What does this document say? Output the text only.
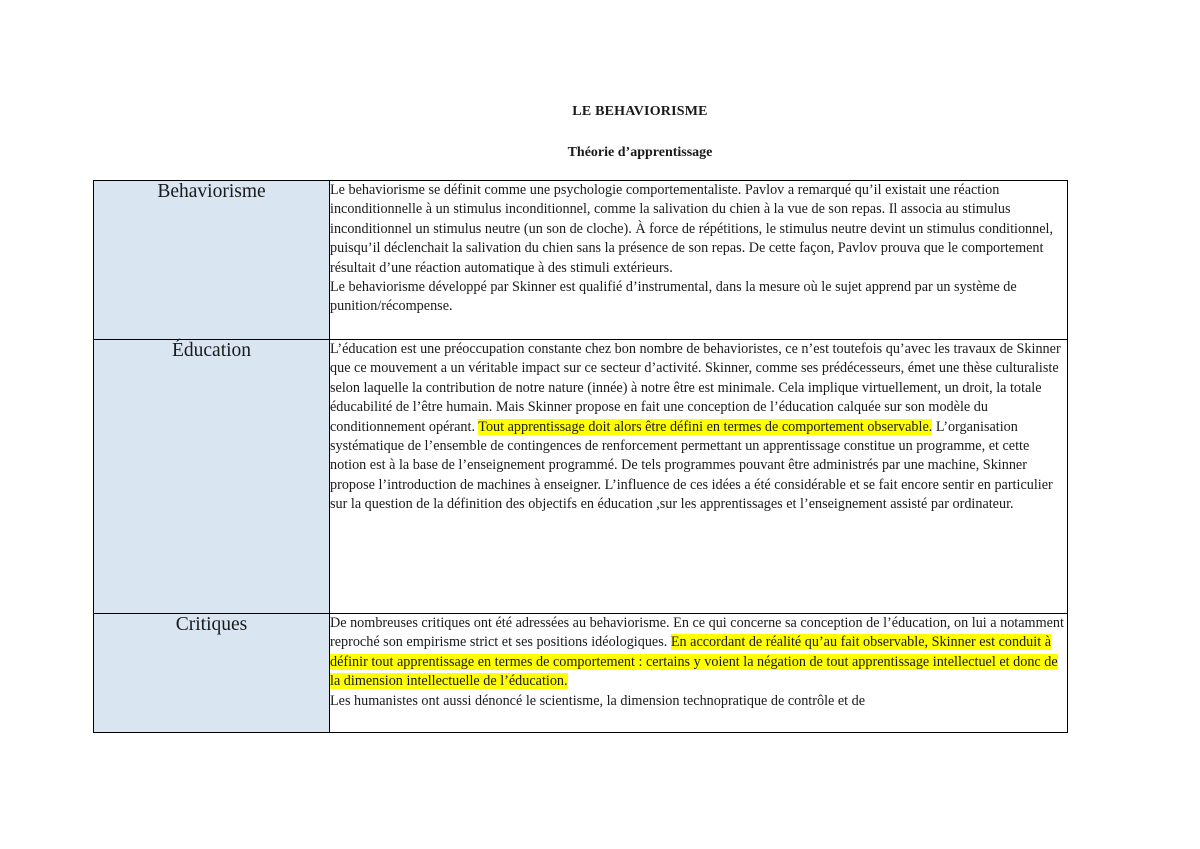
LE BEHAVIORISME
Théorie d’apprentissage
Behaviorisme	Le behaviorisme se définit comme une psychologie comportementaliste. Pavlov a remarqué qu’il existait une réaction inconditionnelle à un stimulus inconditionnel, comme la salivation du chien à la vue de son repas. Il associa au stimulus inconditionnel un stimulus neutre (un son de cloche). À force de répétitions, le stimulus neutre devint un stimulus conditionnel, puisqu’il déclenchait la salivation du chien sans la présence de son repas. De cette façon, Pavlov prouva que le comportement résultait d’une réaction automatique à des stimuli extérieurs.
Le behaviorisme développé par Skinner est qualifié d’instrumental, dans la mesure où le sujet apprend par un système de punition/récompense.

Éducation	L’éducation est une préoccupation constante chez bon nombre de behavioristes, ce n’est toutefois qu’avec les travaux de Skinner que ce mouvement a un véritable impact sur ce secteur d’activité. Skinner, comme ses prédécesseurs, émet une thèse culturaliste selon laquelle la contribution de notre nature (innée) à notre être est minimale. Cela implique virtuellement, un droit, la totale éducabilité de l’être humain. Mais Skinner propose en fait une conception de l’éducation calquée sur son modèle du conditionnement opérant. Tout apprentissage doit alors être défini en termes de comportement observable. L’organisation systématique de l’ensemble de contingences de renforcement permettant un apprentissage constitue un programme, et cette notion est à la base de l’enseignement programmé. De tels programmes pouvant être administrés par une machine, Skinner propose l’introduction de machines à enseigner. L’influence de ces idées a été considérable et se fait encore sentir en particulier sur la question de la définition des objectifs en éducation ,sur les apprentissages et l’enseignement assisté par ordinateur.
Critiques	De nombreuses critiques ont été adressées au behaviorisme. En ce qui concerne sa conception de l’éducation, on lui a notamment reproché son empirisme strict et ses positions idéologiques. En accordant de réalité qu’au fait observable, Skinner est conduit à définir tout apprentissage en termes de comportement : certains y voient la négation de tout apprentissage intellectuel et donc de la dimension intellectuelle de l’éducation.
Les humanistes ont aussi dénoncé le scientisme, la dimension technopratique de contrôle et de
